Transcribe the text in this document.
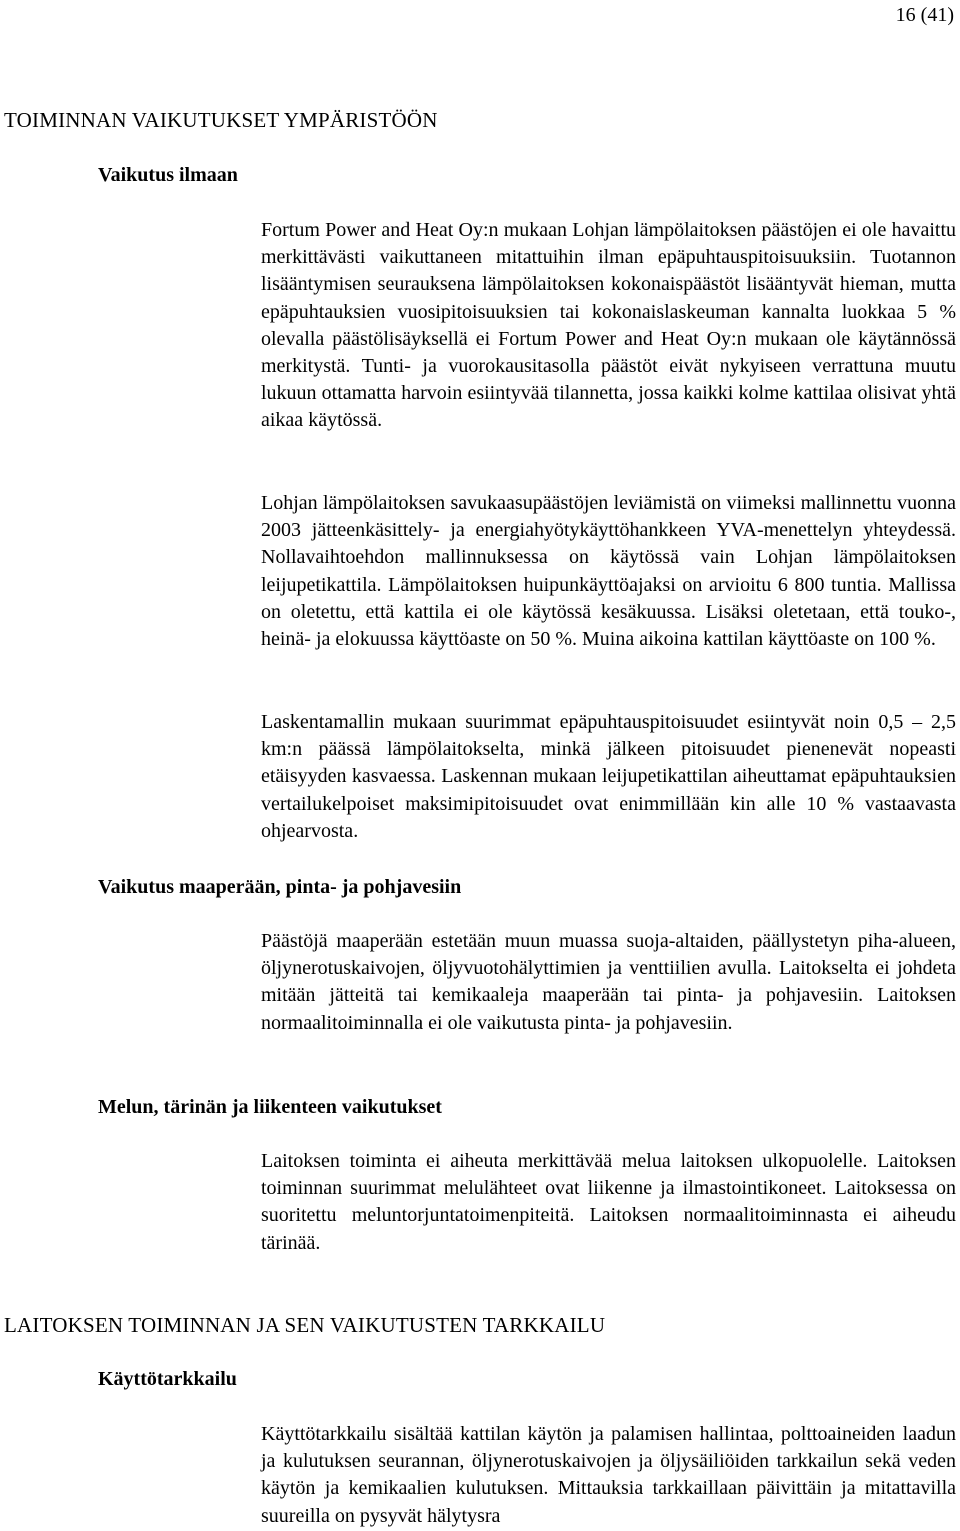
16 (41)
TOIMINNAN VAIKUTUKSET YMPÄRISTÖÖN
Vaikutus ilmaan

Fortum Power and Heat Oy:n mukaan Lohjan lämpölaitoksen päästöjen ei ole havaittu merkittävästi vaikuttaneen mitattuihin ilman epäpuhtauspitoisuuksiin. Tuotannon lisääntymisen seurauksena lämpölaitoksen kokonaispäästöt lisääntyvät hieman, mutta epäpuhtauksien vuosipitoisuuksien tai kokonaislaskeuman kannalta luokkaa 5 % olevalla päästölisäyksellä ei Fortum Power and Heat Oy:n mukaan ole käytännössä merkitystä. Tunti- ja vuorokausitasolla päästöt eivät nykyiseen verrattuna muutu lukuun ottamatta harvoin esiintyvää tilannetta, jossa kaikki kolme kattilaa olisivat yhtä aikaa käytössä.

Lohjan lämpölaitoksen savukaasupäästöjen leviämistä on viimeksi mallinnettu vuonna 2003 jätteenkäsittely- ja energiahyötykäyttöhankkeen YVA-menettelyn yhteydessä. Nollavaihtoehdon mallinnuksessa on käytössä vain Lohjan lämpölaitoksen leijupetikattila. Lämpölaitoksen huipunkäyttöajaksi on arvioitu 6 800 tuntia. Mallissa on oletettu, että kattila ei ole käytössä kesäkuussa. Lisäksi oletetaan, että touko-, heinä- ja elokuussa käyttöaste on 50 %. Muina aikoina kattilan käyttöaste on 100 %.

Laskentamallin mukaan suurimmat epäpuhtauspitoisuudet esiintyvät noin 0,5 – 2,5 km:n päässä lämpölaitokselta, minkä jälkeen pitoisuudet pienenevät nopeasti etäisyyden kasvaessa. Laskennan mukaan leijupetikattilan aiheuttamat epäpuhtauksien vertailukelpoiset maksimipitoisuudet ovat enimmillään kin alle 10 % vastaavasta ohjearvosta.

Vaikutus maaperään, pinta- ja pohjavesiin

Päästöjä maaperään estetään muun muassa suoja-altaiden, päällystetyn piha-alueen, öljynerotuskaivojen, öljyvuotohälyttimien ja venttiilien avulla. Laitokselta ei johdeta mitään jätteitä tai kemikaaleja maaperään tai pinta- ja pohjavesiin. Laitoksen normaalitoiminnalla ei ole vaikutusta pinta- ja pohjavesiin.

Melun, tärinän ja liikenteen vaikutukset

Laitoksen toiminta ei aiheuta merkittävää melua laitoksen ulkopuolelle. Laitoksen toiminnan suurimmat melulähteet ovat liikenne ja ilmastointikoneet. Laitoksessa on suoritettu meluntorjuntatoimenpiteitä. Laitoksen normaalitoiminnasta ei aiheudu tärinää.

LAITOKSEN TOIMINNAN JA SEN VAIKUTUSTEN TARKKAILU
Käyttötarkkailu

Käyttötarkkailu sisältää kattilan käytön ja palamisen hallintaa, polttoaineiden laadun ja kulutuksen seurannan, öljynerotuskaivojen ja öljysäiliöiden tarkkailun sekä veden käytön ja kemikaalien kulutuksen. Mittauksia tarkkaillaan päivittäin ja mitattavilla suureilla on pysyvät hälytysra
